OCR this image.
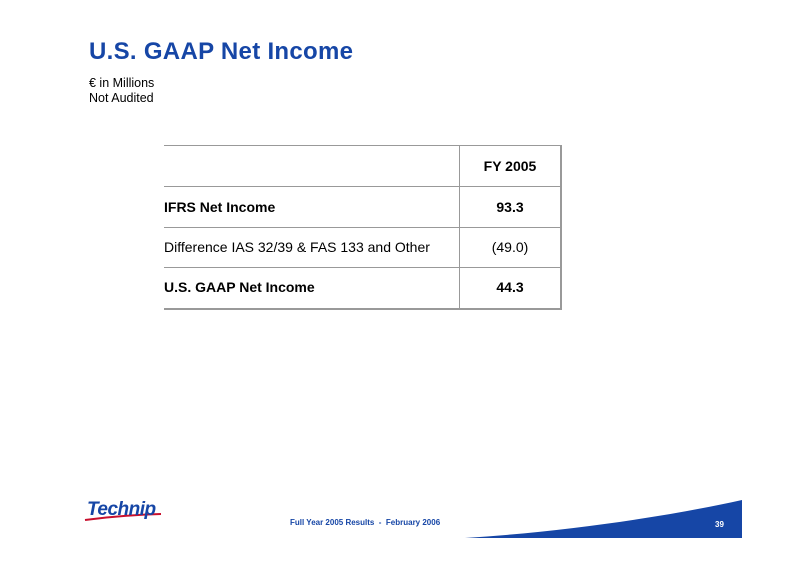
U.S. GAAP Net Income
€ in Millions
Not Audited
FY 2005
IFRS Net Income	93.3
Difference IAS 32/39 & FAS 133 and Other	(49.0)
U.S. GAAP Net Income	44.3
Technip
Full Year 2005 Results  -  February 2006	39
